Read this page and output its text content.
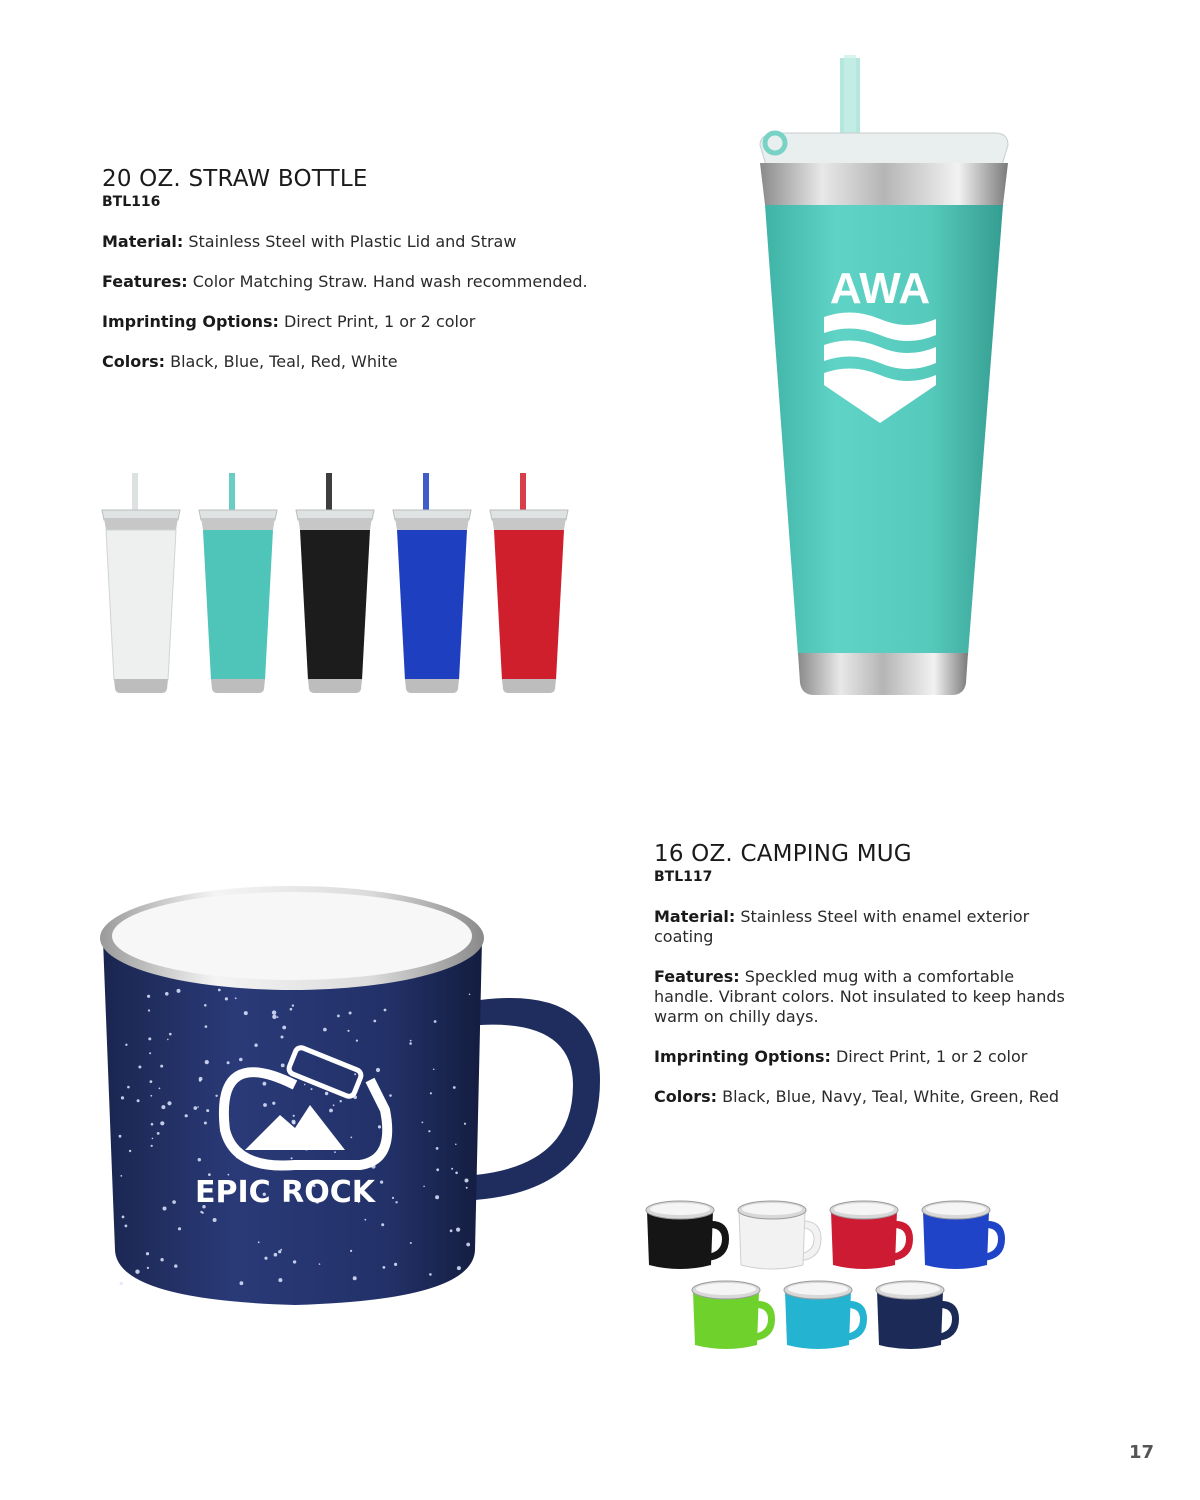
20 OZ. STRAW BOTTLE
BTL116
Material: Stainless Steel with Plastic Lid and Straw
Features: Color Matching Straw. Hand wash recommended.
Imprinting Options: Direct Print, 1 or 2 color
Colors: Black, Blue, Teal, Red, White
AWA
16 OZ. CAMPING MUG
BTL117
Material: Stainless Steel with enamel exterior coating
Features: Speckled mug with a comfortable handle. Vibrant colors. Not insulated to keep hands warm on chilly days.
Imprinting Options: Direct Print, 1 or 2 color
Colors: Black, Blue, Navy, Teal, White, Green, Red
EPIC ROCK
17
